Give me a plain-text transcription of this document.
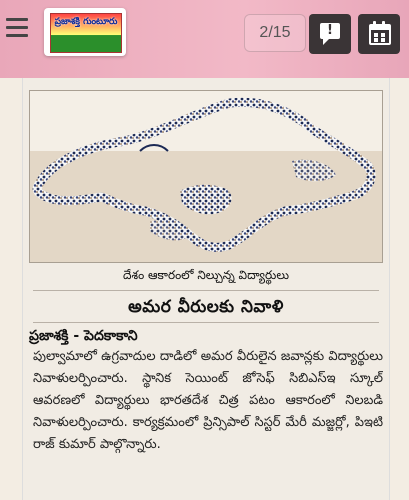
ప్రజాశక్తి గుంటూరు
2/15	!
దేశం ఆకారంలో నిల్చున్న విద్యార్థులు
అమర వీరులకు నివాళి
ప్రజాశక్తి - పెదకాకాని
పుల్వామాలో ఉగ్రవాదుల దాడిలో అమర వీరులైన జవాన్లకు విద్యార్థులు నివాళులర్పించారు. స్థానిక సెయింట్ జోసెఫ్ సిబిఎస్ఇ స్కూల్ ఆవరణలో విద్యార్థులు భారతదేశ చిత్ర పటం ఆకారంలో నిలబడి నివాళులర్పించారు. కార్యక్రమంలో ప్రిన్సిపాల్ సిస్టర్ మేరీ మజ్జర్లో, పిఇటి రాజ్ కుమార్ పాల్గొన్నారు.
